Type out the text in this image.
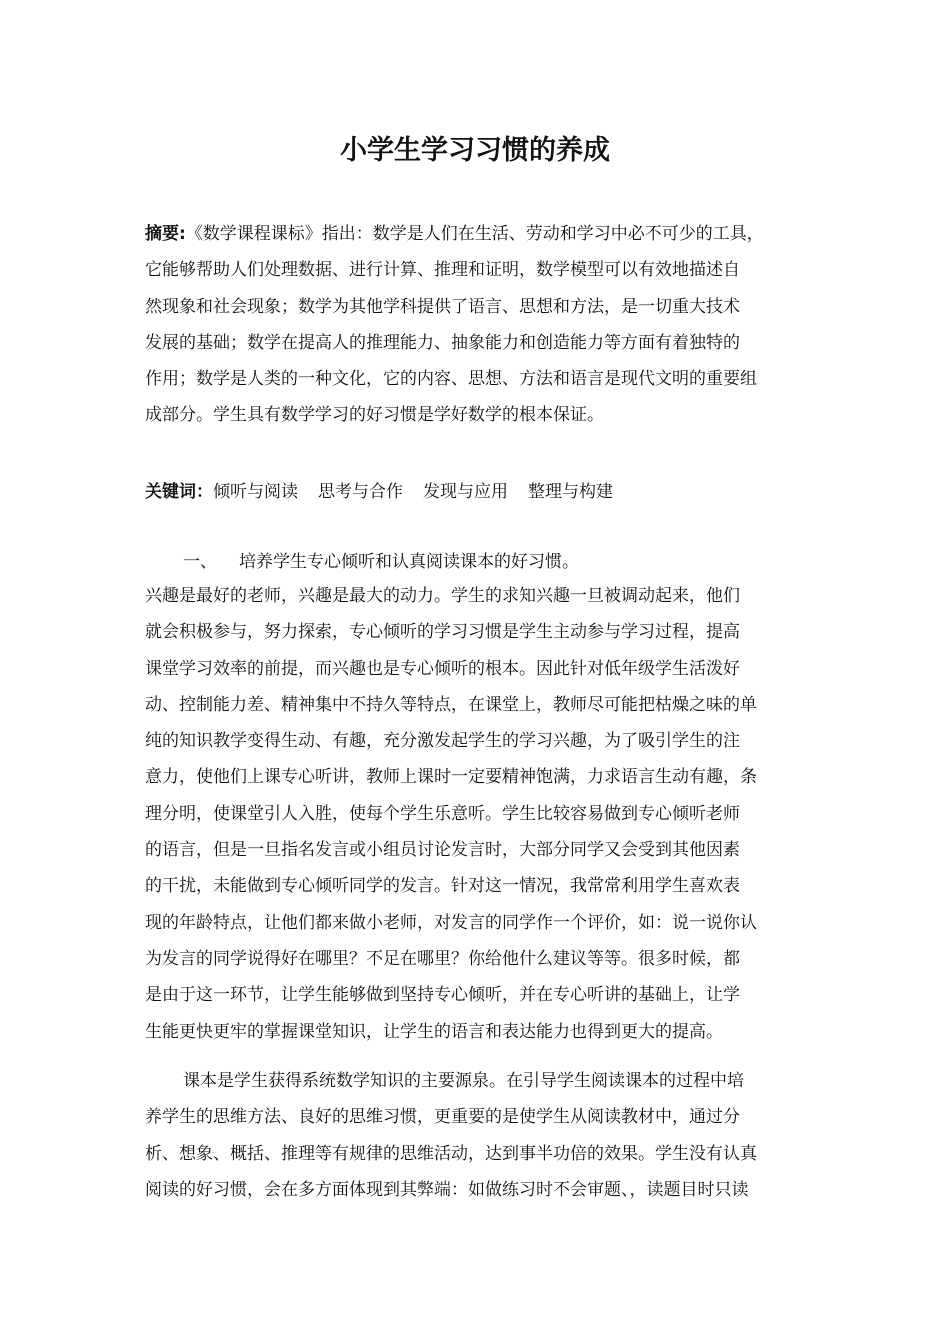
小学生学习习惯的养成
摘要:《数学课程课标》指出：数学是人们在生活、劳动和学习中必不可少的工具，
它能够帮助人们处理数据、进行计算、推理和证明，数学模型可以有效地描述自
然现象和社会现象；数学为其他学科提供了语言、思想和方法，是一切重大技术
发展的基础；数学在提高人的推理能力、抽象能力和创造能力等方面有着独特的
作用；数学是人类的一种文化，它的内容、思想、方法和语言是现代文明的重要组
成部分。学生具有数学学习的好习惯是学好数学的根本保证。
关键词：倾听与阅读 思考与合作 发现与应用 整理与构建
一、 培养学生专心倾听和认真阅读课本的好习惯。
兴趣是最好的老师，兴趣是最大的动力。学生的求知兴趣一旦被调动起来，他们
就会积极参与，努力探索，专心倾听的学习习惯是学生主动参与学习过程，提高
课堂学习效率的前提，而兴趣也是专心倾听的根本。因此针对低年级学生活泼好
动、控制能力差、精神集中不持久等特点，在课堂上，教师尽可能把枯燥之味的单
纯的知识教学变得生动、有趣，充分激发起学生的学习兴趣，为了吸引学生的注
意力，使他们上课专心听讲，教师上课时一定要精神饱满，力求语言生动有趣，条
理分明，使课堂引人入胜，使每个学生乐意听。学生比较容易做到专心倾听老师
的语言，但是一旦指名发言或小组员讨论发言时，大部分同学又会受到其他因素
的干扰，未能做到专心倾听同学的发言。针对这一情况，我常常利用学生喜欢表
现的年龄特点，让他们都来做小老师，对发言的同学作一个评价，如：说一说你认
为发言的同学说得好在哪里？不足在哪里？你给他什么建议等等。很多时候，都
是由于这一环节，让学生能够做到坚持专心倾听，并在专心听讲的基础上，让学
生能更快更牢的掌握课堂知识，让学生的语言和表达能力也得到更大的提高。
课本是学生获得系统数学知识的主要源泉。在引导学生阅读课本的过程中培
养学生的思维方法、良好的思维习惯，更重要的是使学生从阅读教材中，通过分
析、想象、概括、推理等有规律的思维活动，达到事半功倍的效果。学生没有认真
阅读的好习惯，会在多方面体现到其弊端：如做练习时不会审题、，读题目时只读
